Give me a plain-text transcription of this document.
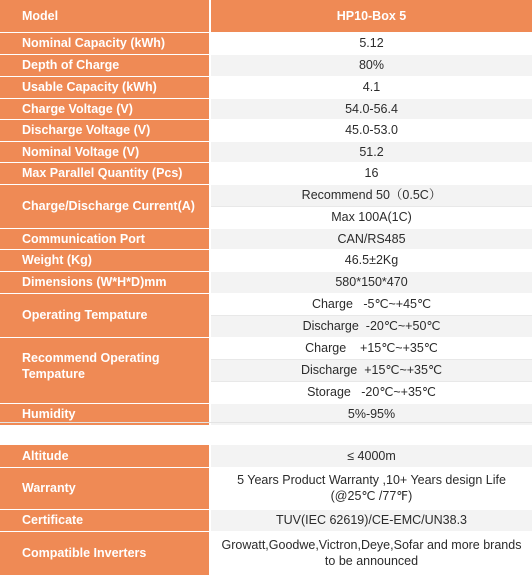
Model	HP10-Box 5
Nominal Capacity (kWh)	5.12
Depth of Charge	80%
Usable Capacity (kWh)	4.1
Charge Voltage (V)	54.0-56.4
Discharge Voltage (V)	45.0-53.0
Nominal Voltage (V)	51.2
Max Parallel Quantity (Pcs)	16
Charge/Discharge Current(A)	Recommend 50（0.5C）
	Max 100A(1C)
Communication Port	CAN/RS485
Weight (Kg)	46.5±2Kg
Dimensions (W*H*D)mm	580*150*470
Operating Tempature	Charge   -5℃~+45℃
	Discharge  -20℃~+50℃
Recommend Operating Tempature	Charge    +15℃~+35℃
	Discharge  +15℃~+35℃
	Storage   -20℃~+35℃
Humidity	5%-95%
Altitude	≤ 4000m
Warranty	5 Years Product Warranty ,10+ Years design Life (@25℃ /77℉)
Certificate	TUV(IEC 62619)/CE-EMC/UN38.3
Compatible Inverters	Growatt,Goodwe,Victron,Deye,Sofar and more brands to be announced
